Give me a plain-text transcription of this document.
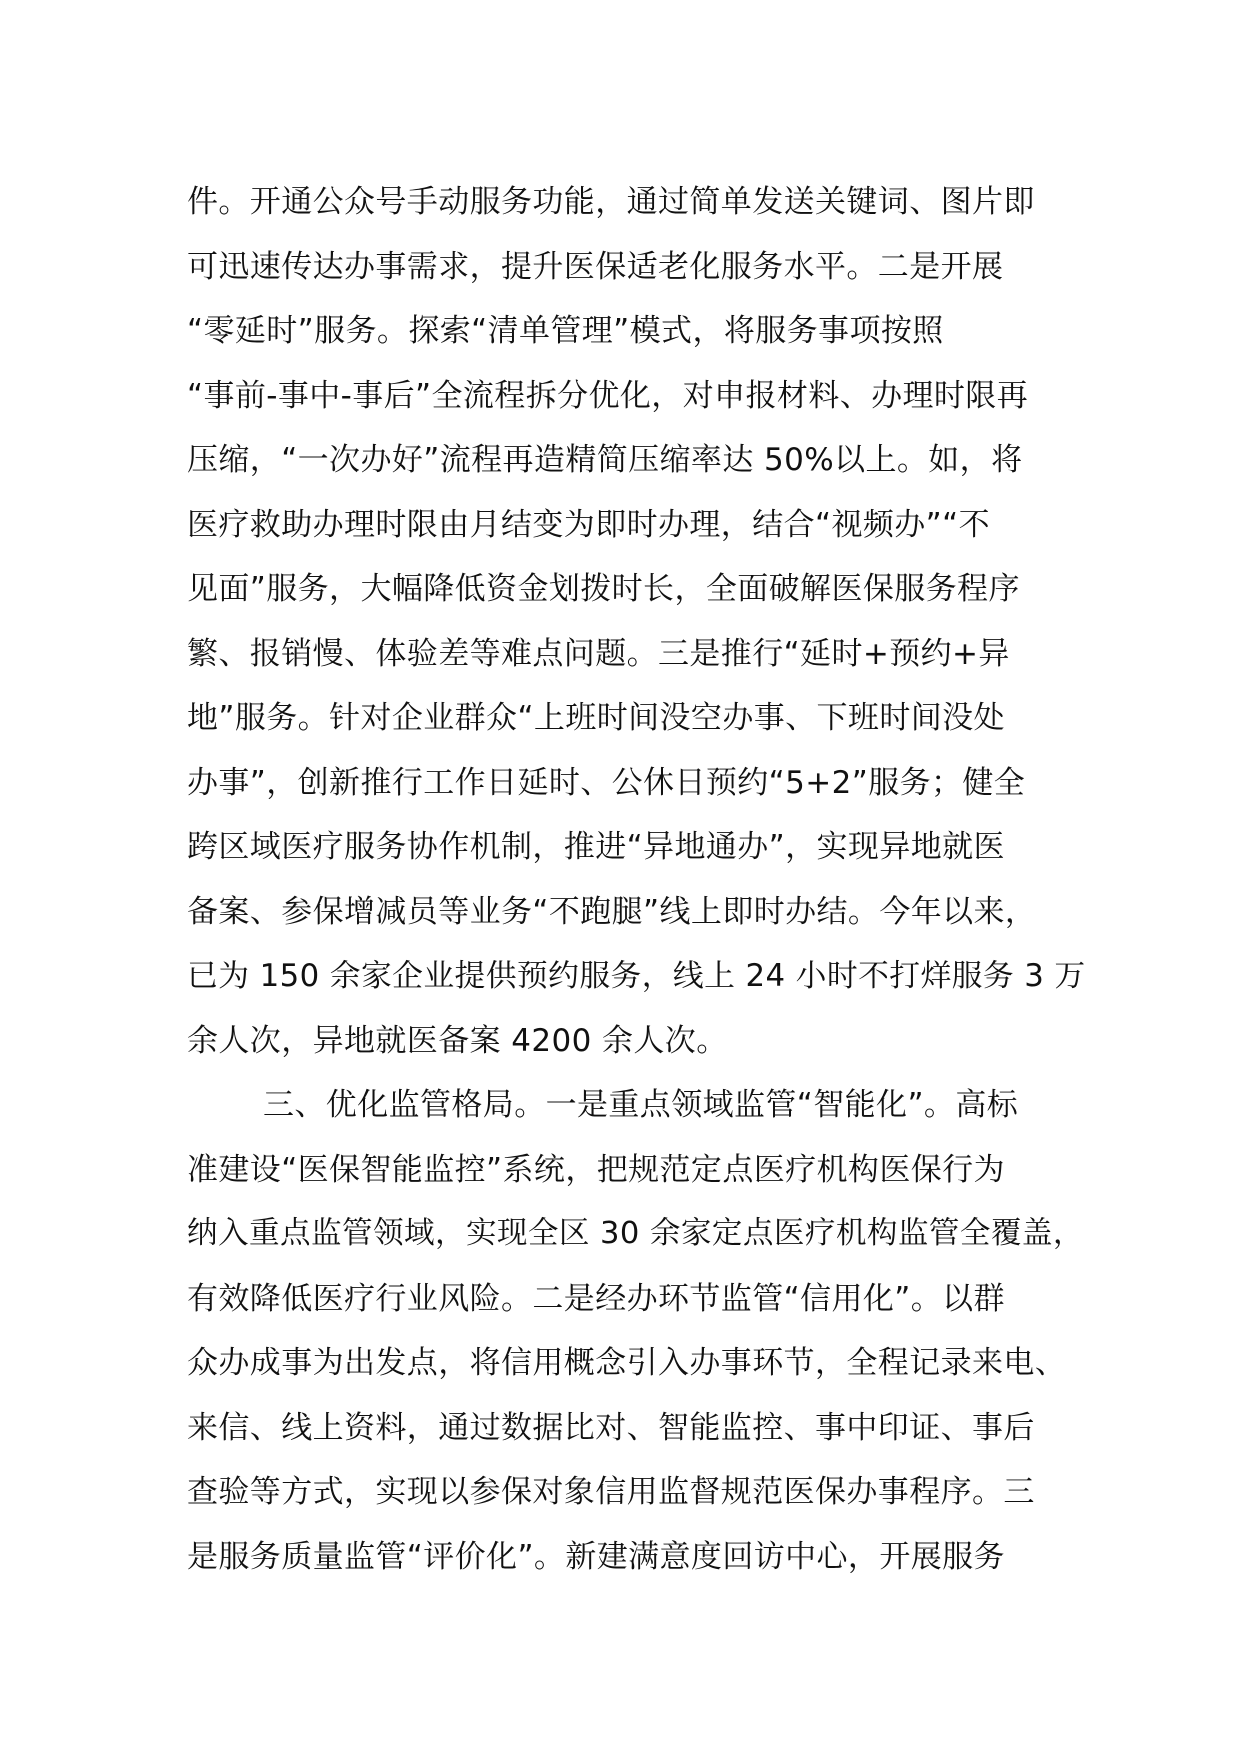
件。开通公众号手动服务功能，通过简单发送关键词、图片即
可迅速传达办事需求，提升医保适老化服务水平。二是开展
“零延时”服务。探索“清单管理”模式，将服务事项按照
“事前-事中-事后”全流程拆分优化，对申报材料、办理时限再
压缩，“一次办好”流程再造精简压缩率达 50%以上。如，将
医疗救助办理时限由月结变为即时办理，结合“视频办”“不
见面”服务，大幅降低资金划拨时长，全面破解医保服务程序
繁、报销慢、体验差等难点问题。三是推行“延时+预约+异
地”服务。针对企业群众“上班时间没空办事、下班时间没处
办事”，创新推行工作日延时、公休日预约“5+2”服务；健全
跨区域医疗服务协作机制，推进“异地通办”，实现异地就医
备案、参保增减员等业务“不跑腿”线上即时办结。今年以来，
已为 150 余家企业提供预约服务，线上 24 小时不打烊服务 3 万
余人次，异地就医备案 4200 余人次。
三、优化监管格局。一是重点领域监管“智能化”。高标
准建设“医保智能监控”系统，把规范定点医疗机构医保行为
纳入重点监管领域，实现全区 30 余家定点医疗机构监管全覆盖，
有效降低医疗行业风险。二是经办环节监管“信用化”。以群
众办成事为出发点，将信用概念引入办事环节，全程记录来电、
来信、线上资料，通过数据比对、智能监控、事中印证、事后
查验等方式，实现以参保对象信用监督规范医保办事程序。三
是服务质量监管“评价化”。新建满意度回访中心，开展服务
